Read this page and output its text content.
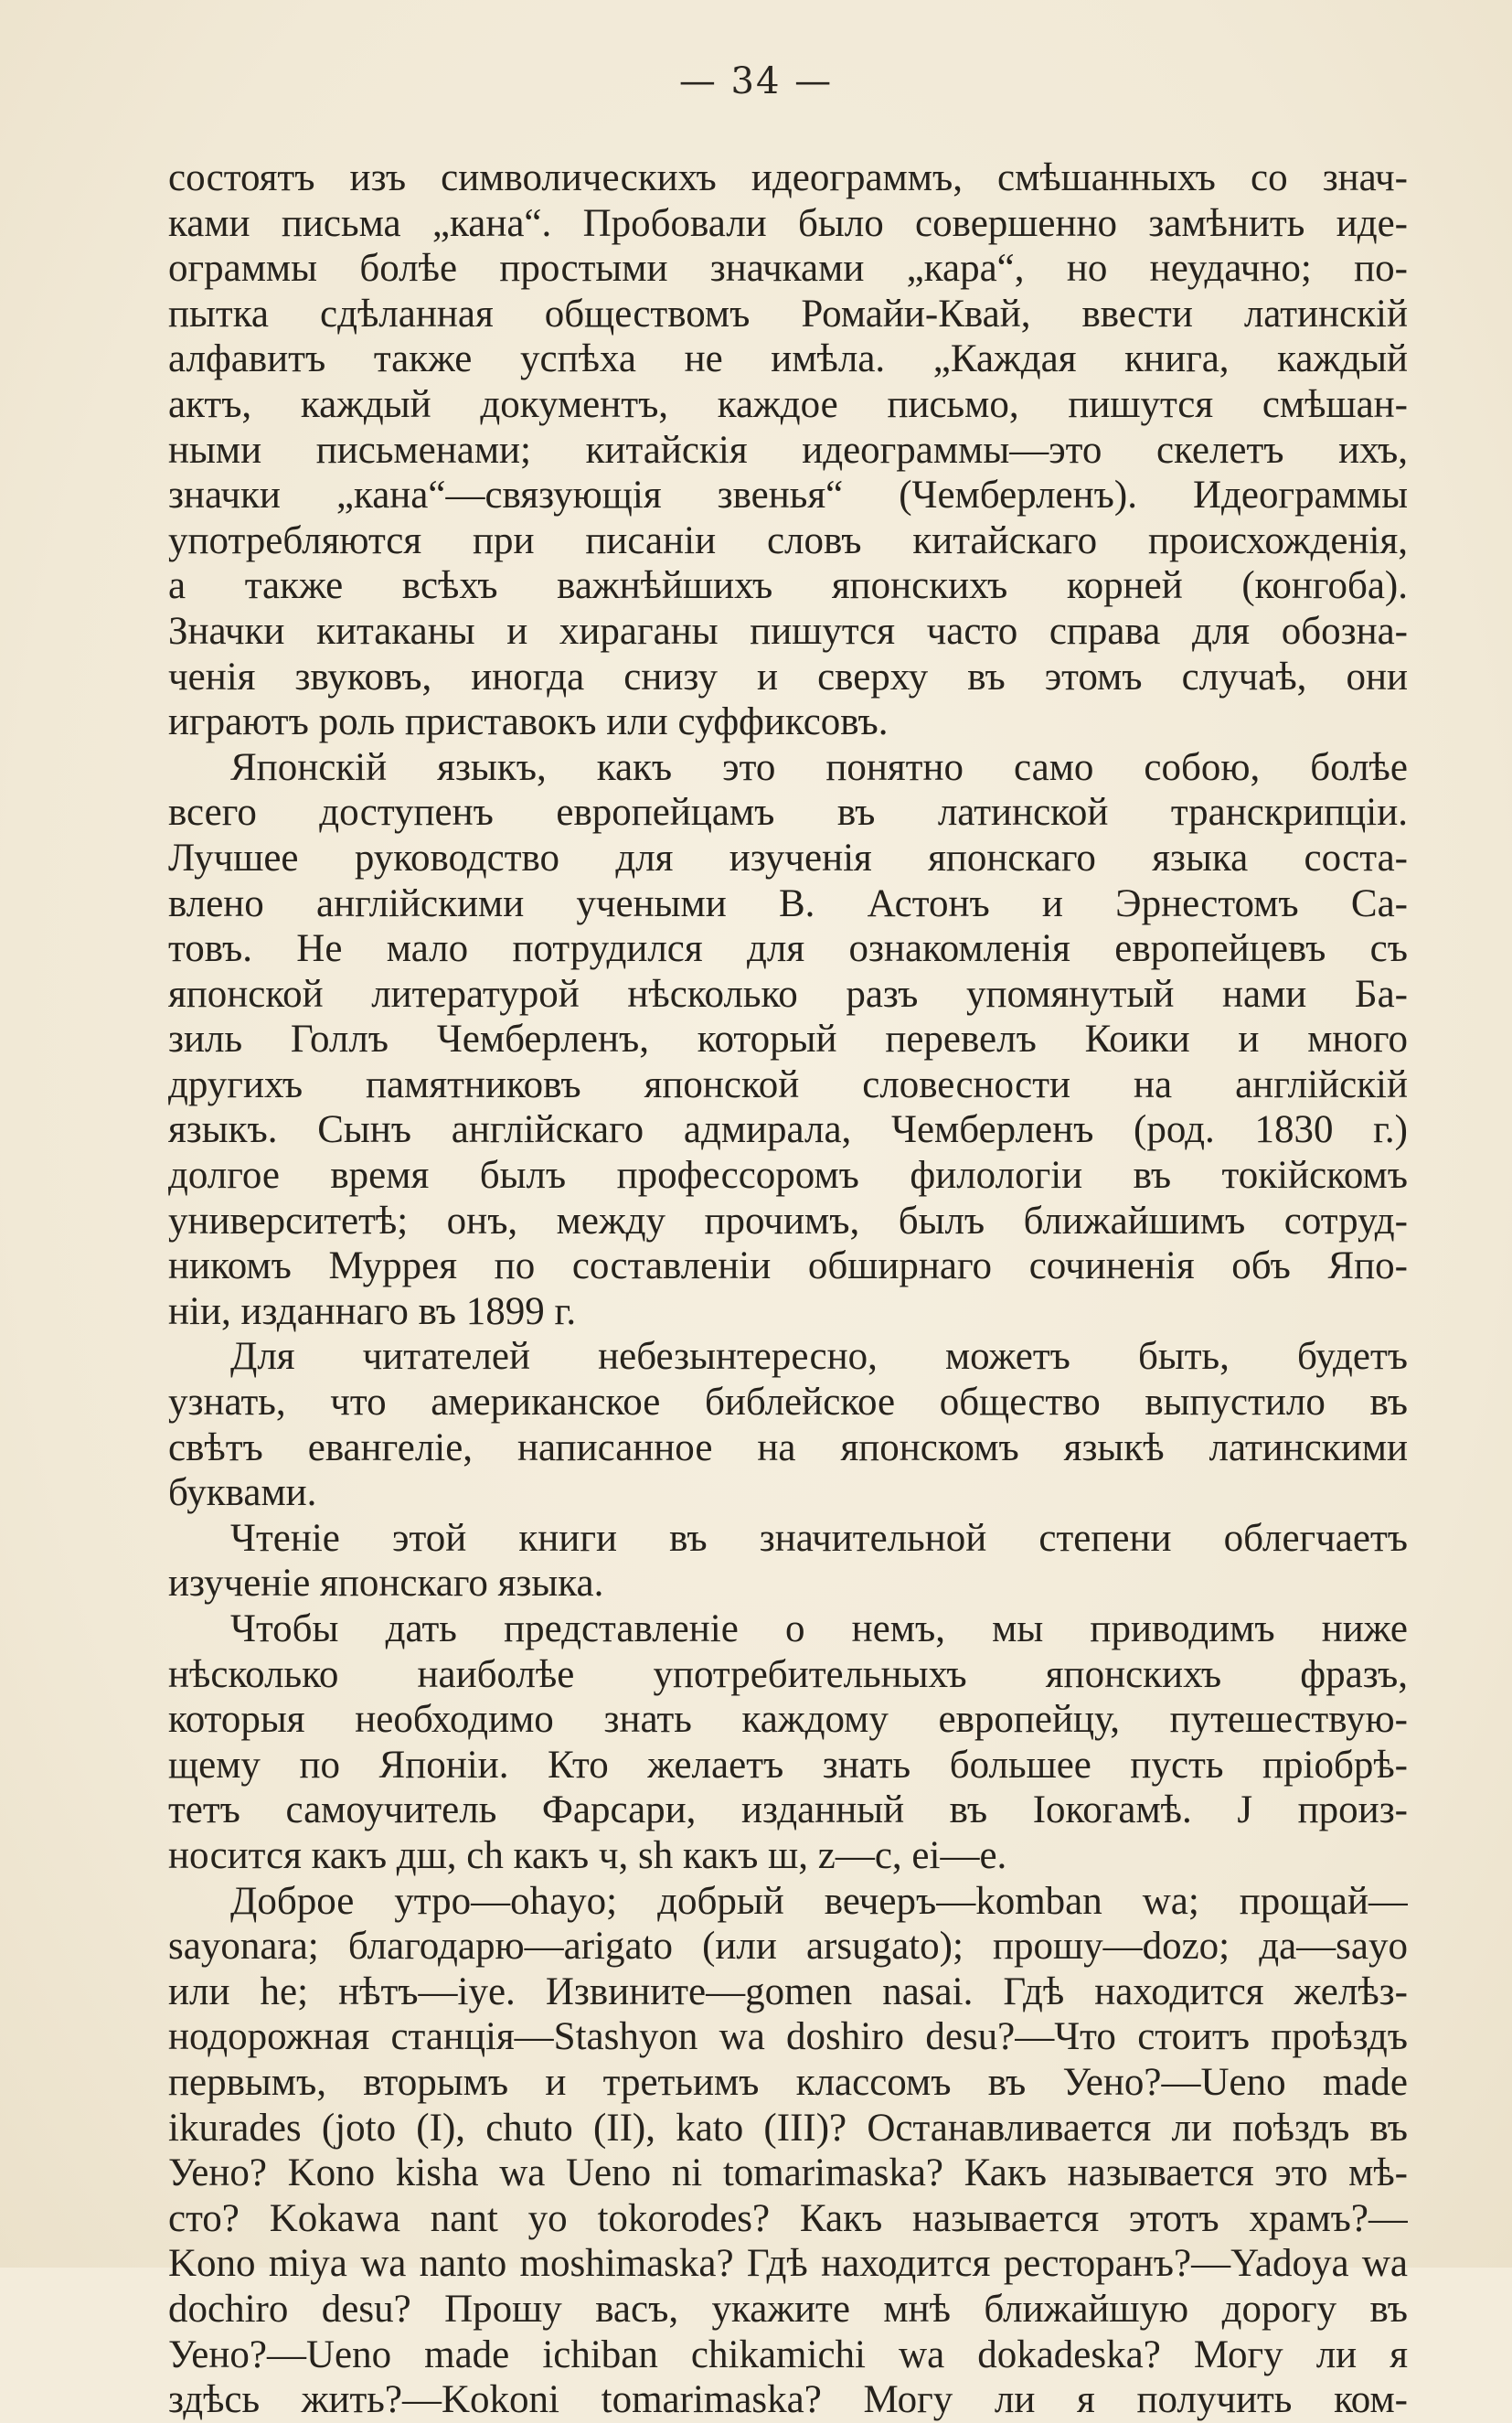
— 34 —
состоятъ изъ символическихъ идеограммъ, смѣшанныхъ со знач-
ками письма „кана“. Пробовали было совершенно замѣнить иде-
ограммы болѣе простыми значками „кара“, но неудачно; по-
пытка сдѣланная обществомъ Ромайи-Квай, ввести латинскій
алфавитъ также успѣха не имѣла. „Каждая книга, каждый
актъ, каждый документъ, каждое письмо, пишутся смѣшан-
ными письменами; китайскія идеограммы—это скелетъ ихъ,
значки „кана“—связующія звенья“ (Чемберленъ). Идеограммы
употребляются при писаніи словъ китайскаго происхожденія,
а также всѣхъ важнѣйшихъ японскихъ корней (конгоба).
Значки китаканы и хираганы пишутся часто справа для обозна-
ченія звуковъ, иногда снизу и сверху въ этомъ случаѣ, они
играютъ роль приставокъ или суффиксовъ.
Японскій языкъ, какъ это понятно само собою, болѣе
всего доступенъ европейцамъ въ латинской транскрипціи.
Лучшее руководство для изученія японскаго языка соста-
влено англійскими учеными В. Астонъ и Эрнестомъ Са-
товъ. Не мало потрудился для ознакомленія европейцевъ съ
японской литературой нѣсколько разъ упомянутый нами Ба-
зиль Голлъ Чемберленъ, который перевелъ Коики и много
другихъ памятниковъ японской словесности на англійскій
языкъ. Сынъ англійскаго адмирала, Чемберленъ (род. 1830 г.)
долгое время былъ профессоромъ филологіи въ токійскомъ
университетѣ; онъ, между прочимъ, былъ ближайшимъ сотруд-
никомъ Муррея по составленіи обширнаго сочиненія объ Япо-
ніи, изданнаго въ 1899 г.
Для читателей небезынтересно, можетъ быть, будетъ
узнать, что американское библейское общество выпустило въ
свѣтъ евангеліе, написанное на японскомъ языкѣ латинскими
буквами.
Чтеніе этой книги въ значительной степени облегчаетъ
изученіе японскаго языка.
Чтобы дать представленіе о немъ, мы приводимъ ниже
нѣсколько наиболѣе употребительныхъ японскихъ фразъ,
которыя необходимо знать каждому европейцу, путешествую-
щему по Японіи. Кто желаетъ знать большее пусть пріобрѣ-
тетъ самоучитель Фарсари, изданный въ Іокогамѣ. J произ-
носится какъ дш, ch какъ ч, sh какъ ш, z—c, ei—e.
Доброе утро—ohayo; добрый вечеръ—komban wa; прощай—
sayonara; благодарю—arigato (или arsugato); прошу—dozo; да—sayo
или he; нѣтъ—iye. Извините—gomen nasai. Гдѣ находится желѣз-
нодорожная станція—Stashyon wa doshiro desu?—Что стоитъ проѣздъ
первымъ, вторымъ и третьимъ классомъ въ Уено?—Ueno made
ikurades (joto (I), chuto (II), kato (III)? Останавливается ли поѣздъ въ
Уено? Kono kisha wa Ueno ni tomarimaska? Какъ называется это мѣ-
сто? Kokawa nant yo tokorodes? Какъ называется этотъ храмъ?—
Kono miya wa nanto moshimaska? Гдѣ находится ресторанъ?—Yadoya wa
dochiro desu? Прошу васъ, укажите мнѣ ближайшую дорогу въ
Уено?—Ueno made ichiban chikamichi wa dokadeska? Могу ли я
здѣсь жить?—Kokoni tomarimaska? Могу ли я получить ком-
